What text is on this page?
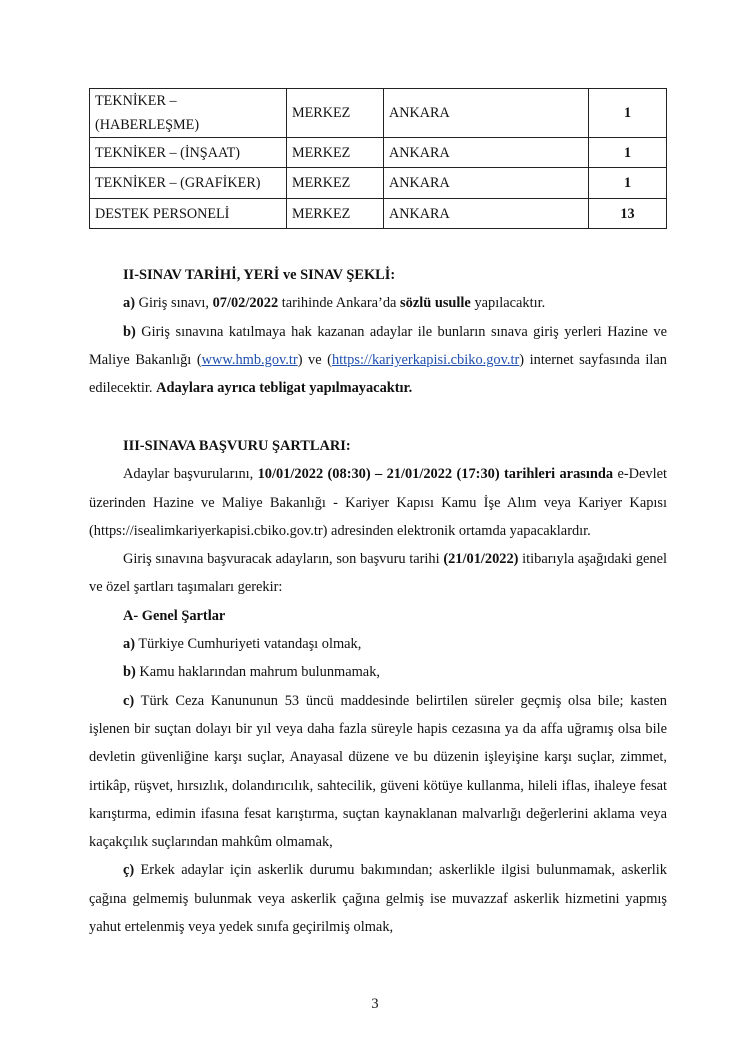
TEKNİKER –
(HABERLEŞME)	MERKEZ	ANKARA	1
TEKNİKER – (İNŞAAT)	MERKEZ	ANKARA	1
TEKNİKER – (GRAFİKER)	MERKEZ	ANKARA	1
DESTEK PERSONELİ	MERKEZ	ANKARA	13

II-SINAV TARİHİ, YERİ ve SINAV ŞEKLİ:

a) Giriş sınavı, 07/02/2022 tarihinde Ankara’da sözlü usulle yapılacaktır.

b) Giriş sınavına katılmaya hak kazanan adaylar ile bunların sınava giriş yerleri Hazine ve Maliye Bakanlığı (www.hmb.gov.tr) ve (https://kariyerkapisi.cbiko.gov.tr) internet sayfasında ilan edilecektir. Adaylara ayrıca tebligat yapılmayacaktır.

III-SINAVA BAŞVURU ŞARTLARI:

Adaylar başvurularını, 10/01/2022 (08:30) – 21/01/2022 (17:30) tarihleri arasında e-Devlet üzerinden Hazine ve Maliye Bakanlığı - Kariyer Kapısı Kamu İşe Alım veya Kariyer Kapısı (https://isealimkariyerkapisi.cbiko.gov.tr) adresinden elektronik ortamda yapacaklardır.

Giriş sınavına başvuracak adayların, son başvuru tarihi (21/01/2022) itibarıyla aşağıdaki genel ve özel şartları taşımaları gerekir:

A- Genel Şartlar

a) Türkiye Cumhuriyeti vatandaşı olmak,

b) Kamu haklarından mahrum bulunmamak,

c) Türk Ceza Kanununun 53 üncü maddesinde belirtilen süreler geçmiş olsa bile; kasten işlenen bir suçtan dolayı bir yıl veya daha fazla süreyle hapis cezasına ya da affa uğramış olsa bile devletin güvenliğine karşı suçlar, Anayasal düzene ve bu düzenin işleyişine karşı suçlar, zimmet, irtikâp, rüşvet, hırsızlık, dolandırıcılık, sahtecilik, güveni kötüye kullanma, hileli iflas, ihaleye fesat karıştırma, edimin ifasına fesat karıştırma, suçtan kaynaklanan malvarlığı değerlerini aklama veya kaçakçılık suçlarından mahkûm olmamak,

ç) Erkek adaylar için askerlik durumu bakımından; askerlikle ilgisi bulunmamak, askerlik çağına gelmemiş bulunmak veya askerlik çağına gelmiş ise muvazzaf askerlik hizmetini yapmış yahut ertelenmiş veya yedek sınıfa geçirilmiş olmak,

3
